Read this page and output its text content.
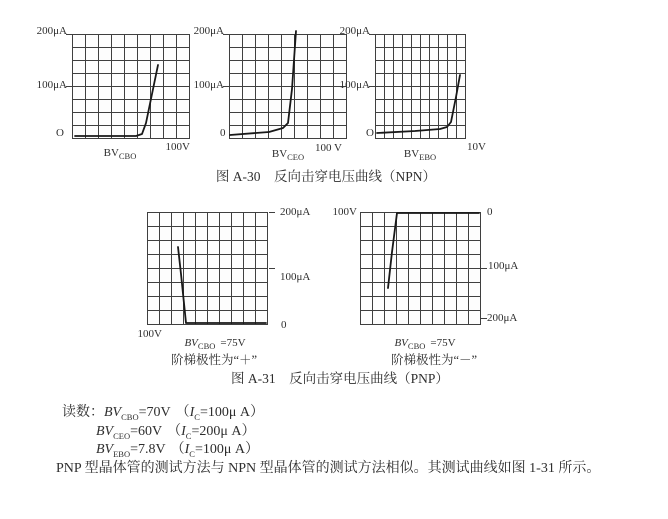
200μA
100μA
O
$BV_{CBO}$
100V
200μA
100μA
0
$BV_{CEO}$
100 V
200μA
100μA
O
$BV_{EBO}$
10V
图 A-30　反向击穿电压曲线（NPN）
200μA
100μA
0
100V
$BV_{CBO} =75V$
阶梯极性为“＋”
100V	0
100μA
200μA
$BV_{CBO} =75V$
阶梯极性为“－”
图 A-31　反向击穿电压曲线（PNP）
读数：$BV_{CBO}=70V$ （$I_C=100\mu$ A）
$BV_{CEO}=60V$ （$I_C=200\mu$ A）
$BV_{EBO}=7.8V$ （$I_C=100\mu$ A）
PNP 型晶体管的测试方法与 NPN 型晶体管的测试方法相似。其测试曲线如图 1-31 所示。
